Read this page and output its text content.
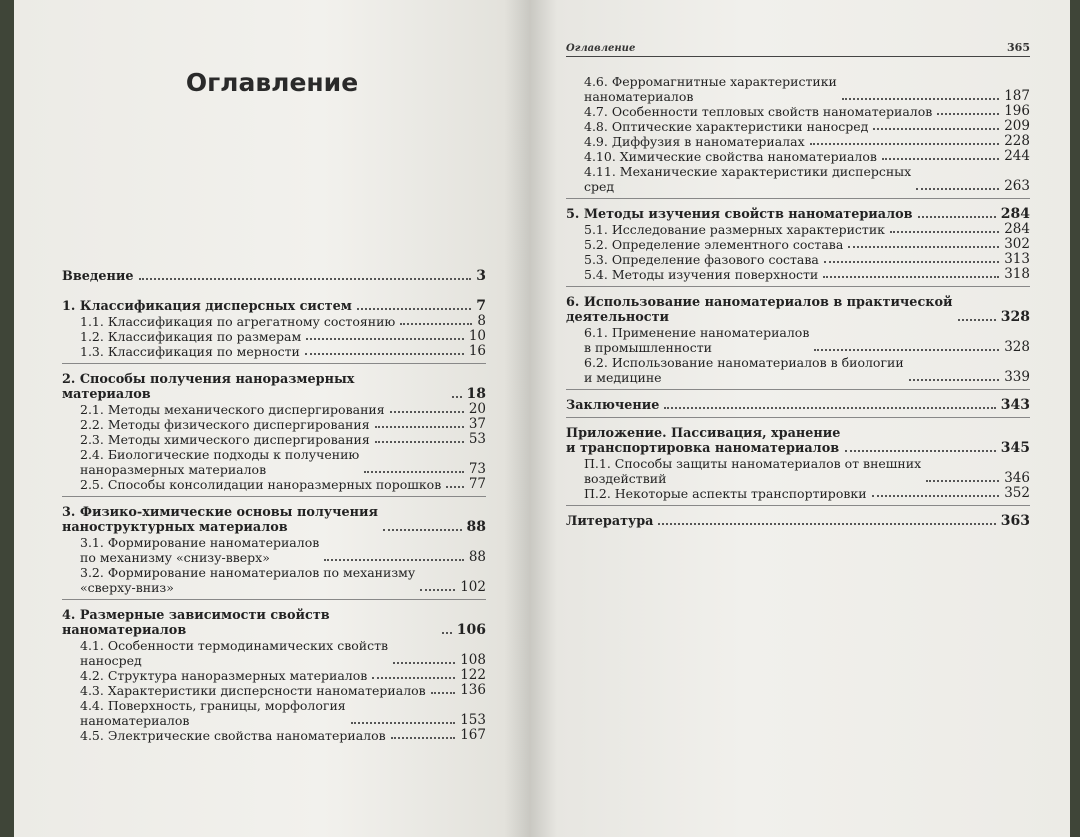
Оглавление
Введение	3
1. Классификация дисперсных систем	7
1.1. Классификация по агрегатному состоянию	8
1.2. Классификация по размерам	10
1.3. Классификация по мерности	16
2. Способы получения наноразмерных материалов	18
2.1. Методы механического диспергирования	20
2.2. Методы физического диспергирования	37
2.3. Методы химического диспергирования	53
2.4. Биологические подходы к получению
наноразмерных материалов	73
2.5. Способы консолидации наноразмерных порошков 77
3. Физико-химические основы получения
наноструктурных материалов	88
3.1. Формирование наноматериалов
по механизму «снизу-вверх»	88
3.2. Формирование наноматериалов по механизму
«сверху-вниз»	102
4. Размерные зависимости свойств наноматериалов	106
4.1. Особенности термодинамических свойств
наносред	108
4.2. Структура наноразмерных материалов	122
4.3. Характеристики дисперсности наноматериалов	136
4.4. Поверхность, границы, морфология
наноматериалов	153
4.5. Электрические свойства наноматериалов	167
Оглавление	365
4.6. Ферромагнитные характеристики
наноматериалов	187
4.7. Особенности тепловых свойств наноматериалов	196
4.8. Оптические характеристики наносред	209
4.9. Диффузия в наноматериалах	228
4.10. Химические свойства наноматериалов	244
4.11. Механические характеристики дисперсных
сред	263
5. Методы изучения свойств наноматериалов	284
5.1. Исследование размерных характеристик	284
5.2. Определение элементного состава	302
5.3. Определение фазового состава	313
5.4. Методы изучения поверхности	318
6. Использование наноматериалов в практической
деятельности	328
6.1. Применение наноматериалов
в промышленности	328
6.2. Использование наноматериалов в биологии
и медицине	339
Заключение	343
Приложение. Пассивация, хранение
и транспортировка наноматериалов	345
П.1. Способы защиты наноматериалов от внешних
воздействий	346
П.2. Некоторые аспекты транспортировки	352
Литература	363
